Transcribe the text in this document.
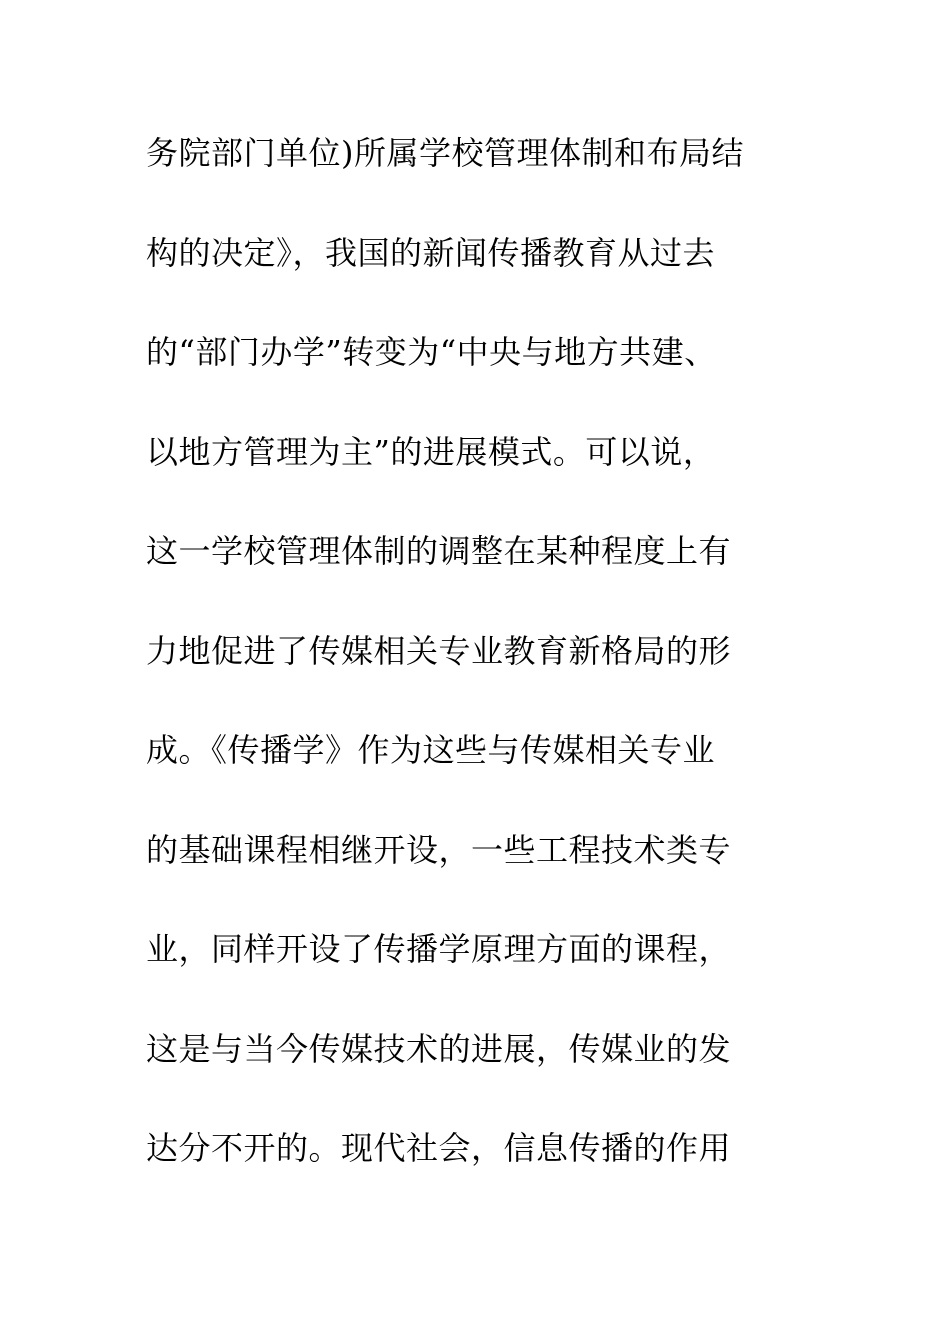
务院部门单位)所属学校管理体制和布局结
构的决定》，我国的新闻传播教育从过去
的“部门办学”转变为“中央与地方共建、
以地方管理为主”的进展模式。可以说，
这一学校管理体制的调整在某种程度上有
力地促进了传媒相关专业教育新格局的形
成。《传播学》作为这些与传媒相关专业
的基础课程相继开设，一些工程技术类专
业，同样开设了传播学原理方面的课程，
这是与当今传媒技术的进展，传媒业的发
达分不开的。现代社会，信息传播的作用
